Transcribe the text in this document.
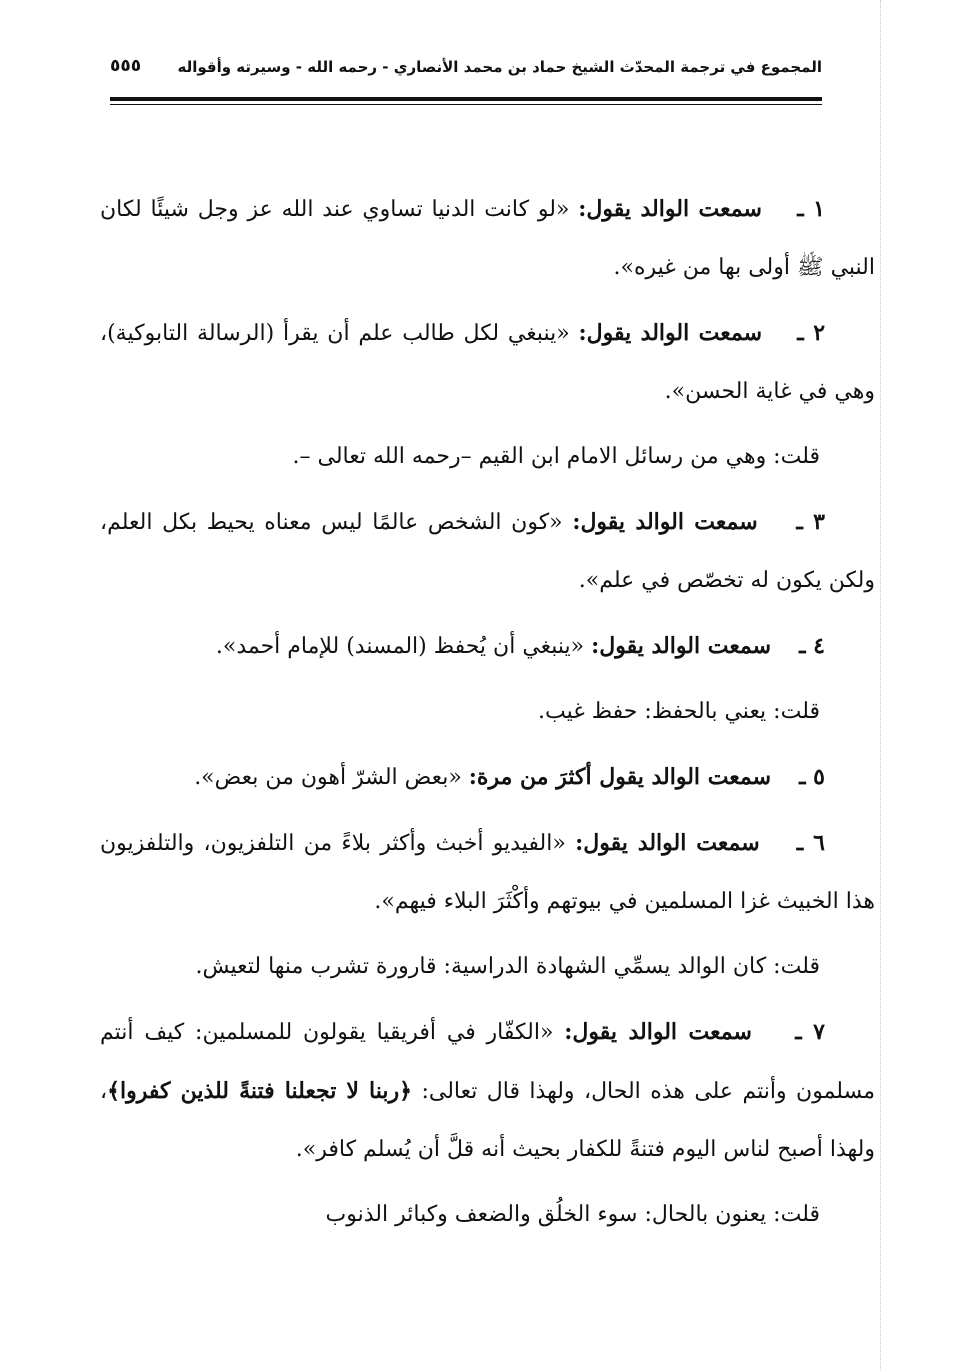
المجموع في ترجمة المحدّث الشيخ حماد بن محمد الأنصاري - رحمه الله - وسيرته وأقواله
٥٥٥

١ ـ    سمعت الوالد يقول: «لو كانت الدنيا تساوي عند الله عز وجل شيئًا لكان النبي ﷺ أولى بها من غيره».

٢ ـ    سمعت الوالد يقول: «ينبغي لكل طالب علم أن يقرأ (الرسالة التابوكية)، وهي في غاية الحسن».

قلت: وهي من رسائل الامام ابن القيم –رحمه الله تعالى –.

٣ ـ    سمعت الوالد يقول: «كون الشخص عالمًا ليس معناه يحيط بكل العلم، ولكن يكون له تخصّص في علم».

٤ ـ    سمعت الوالد يقول: «ينبغي أن يُحفظ (المسند) للإمام أحمد».

قلت: يعني بالحفظ: حفظ غيب.

٥ ـ    سمعت الوالد يقول أكثرَ من مرة: «بعض الشرّ أهون من بعض».

٦ ـ    سمعت الوالد يقول: «الفيديو أخبث وأكثر بلاءً من التلفزيون، والتلفزيون هذا الخبيث غزا المسلمين في بيوتهم وأكْثَرَ البلاء فيهم».

قلت: كان الوالد يسمِّي الشهادة الدراسية: قارورة تشرب منها لتعيش.

٧ ـ    سمعت الوالد يقول: «الكفّار في أفريقيا يقولون للمسلمين: كيف أنتم مسلمون وأنتم على هذه الحال، ولهذا قال تعالى: ﴿ربنا لا تجعلنا فتنةً للذين كفروا﴾، ولهذا أصبح لناس اليوم فتنةً للكفار بحيث أنه قلَّ أن يُسلم كافر».

قلت: يعنون بالحال: سوء الخلُق والضعف وكبائر الذنوب
